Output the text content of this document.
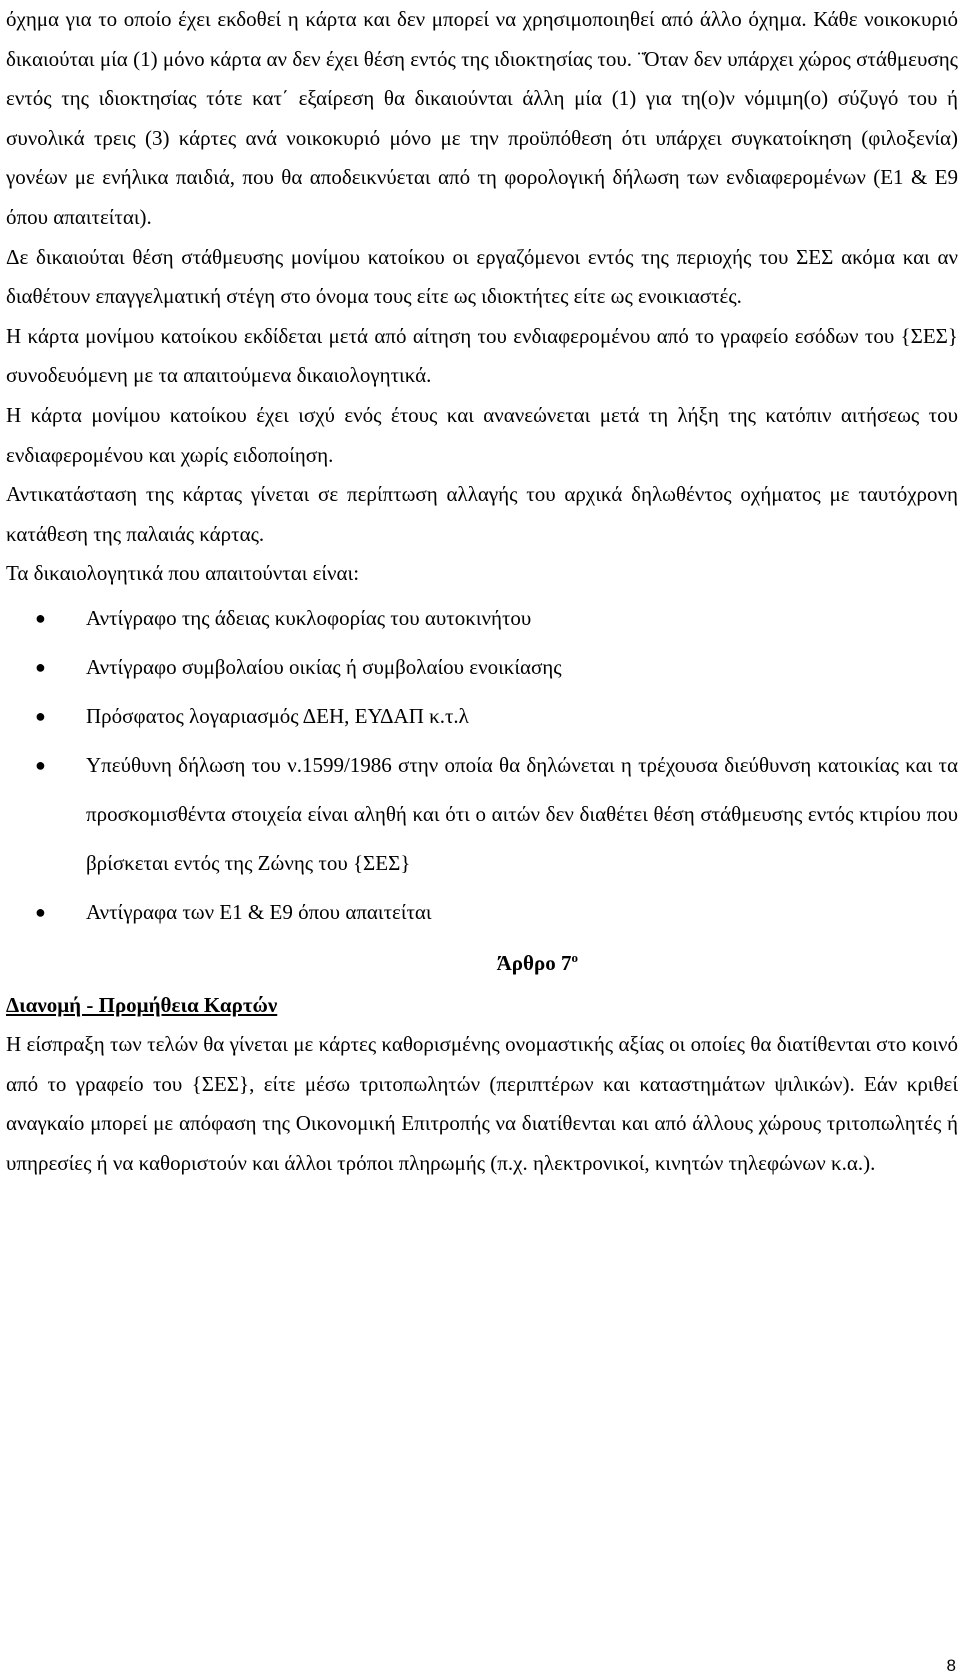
όχημα για το οποίο έχει εκδοθεί η κάρτα και δεν μπορεί να χρησιμοποιηθεί από άλλο όχημα. Κάθε νοικοκυριό δικαιούται μία (1) μόνο κάρτα αν δεν έχει θέση εντός της ιδιοκτησίας του. ¨Όταν δεν υπάρχει χώρος στάθμευσης εντός της ιδιοκτησίας τότε κατ΄ εξαίρεση θα δικαιούνται άλλη μία (1) για τη(ο)ν νόμιμη(ο) σύζυγό του ή συνολικά τρεις (3) κάρτες ανά νοικοκυριό μόνο με την προϋπόθεση ότι υπάρχει συγκατοίκηση (φιλοξενία) γονέων με ενήλικα παιδιά, που θα αποδεικνύεται από τη φορολογική δήλωση των ενδιαφερομένων (Ε1 & Ε9 όπου απαιτείται).

Δε δικαιούται θέση στάθμευσης μονίμου κατοίκου οι εργαζόμενοι εντός της περιοχής του ΣΕΣ ακόμα και αν διαθέτουν επαγγελματική στέγη στο όνομα τους είτε ως ιδιοκτήτες είτε ως ενοικιαστές.

Η κάρτα μονίμου κατοίκου εκδίδεται μετά από αίτηση του ενδιαφερομένου από το γραφείο εσόδων του {ΣΕΣ} συνοδευόμενη με τα απαιτούμενα δικαιολογητικά.

Η κάρτα μονίμου κατοίκου έχει ισχύ ενός έτους και ανανεώνεται μετά τη λήξη της κατόπιν αιτήσεως του ενδιαφερομένου και χωρίς ειδοποίηση.

Αντικατάσταση της κάρτας γίνεται σε περίπτωση αλλαγής του αρχικά δηλωθέντος οχήματος με ταυτόχρονη κατάθεση της παλαιάς κάρτας.

Τα δικαιολογητικά που απαιτούνται είναι:

● Αντίγραφο της άδειας κυκλοφορίας του αυτοκινήτου
● Αντίγραφο συμβολαίου οικίας ή συμβολαίου ενοικίασης
● Πρόσφατος λογαριασμός ΔΕΗ, ΕΥΔΑΠ κ.τ.λ
● Υπεύθυνη δήλωση του ν.1599/1986 στην οποία θα δηλώνεται η τρέχουσα διεύθυνση κατοικίας και τα προσκομισθέντα στοιχεία είναι αληθή και ότι ο αιτών δεν διαθέτει θέση στάθμευσης εντός κτιρίου που βρίσκεται εντός της Ζώνης του {ΣΕΣ}
● Αντίγραφα των Ε1 & Ε9 όπου απαιτείται
Άρθρο $7^o$

Διανομή - Προμήθεια Καρτών

Η είσπραξη των τελών θα γίνεται με κάρτες καθορισμένης ονομαστικής αξίας οι οποίες θα διατίθενται στο κοινό από το γραφείο του {ΣΕΣ}, είτε μέσω τριτοπωλητών (περιπτέρων και καταστημάτων ψιλικών). Εάν κριθεί αναγκαίο μπορεί με απόφαση της Οικονομική Επιτροπής να διατίθενται και από άλλους χώρους τριτοπωλητές ή υπηρεσίες ή να καθοριστούν και άλλοι τρόποι πληρωμής (π.χ. ηλεκτρονικοί, κινητών τηλεφώνων κ.α.).

8
